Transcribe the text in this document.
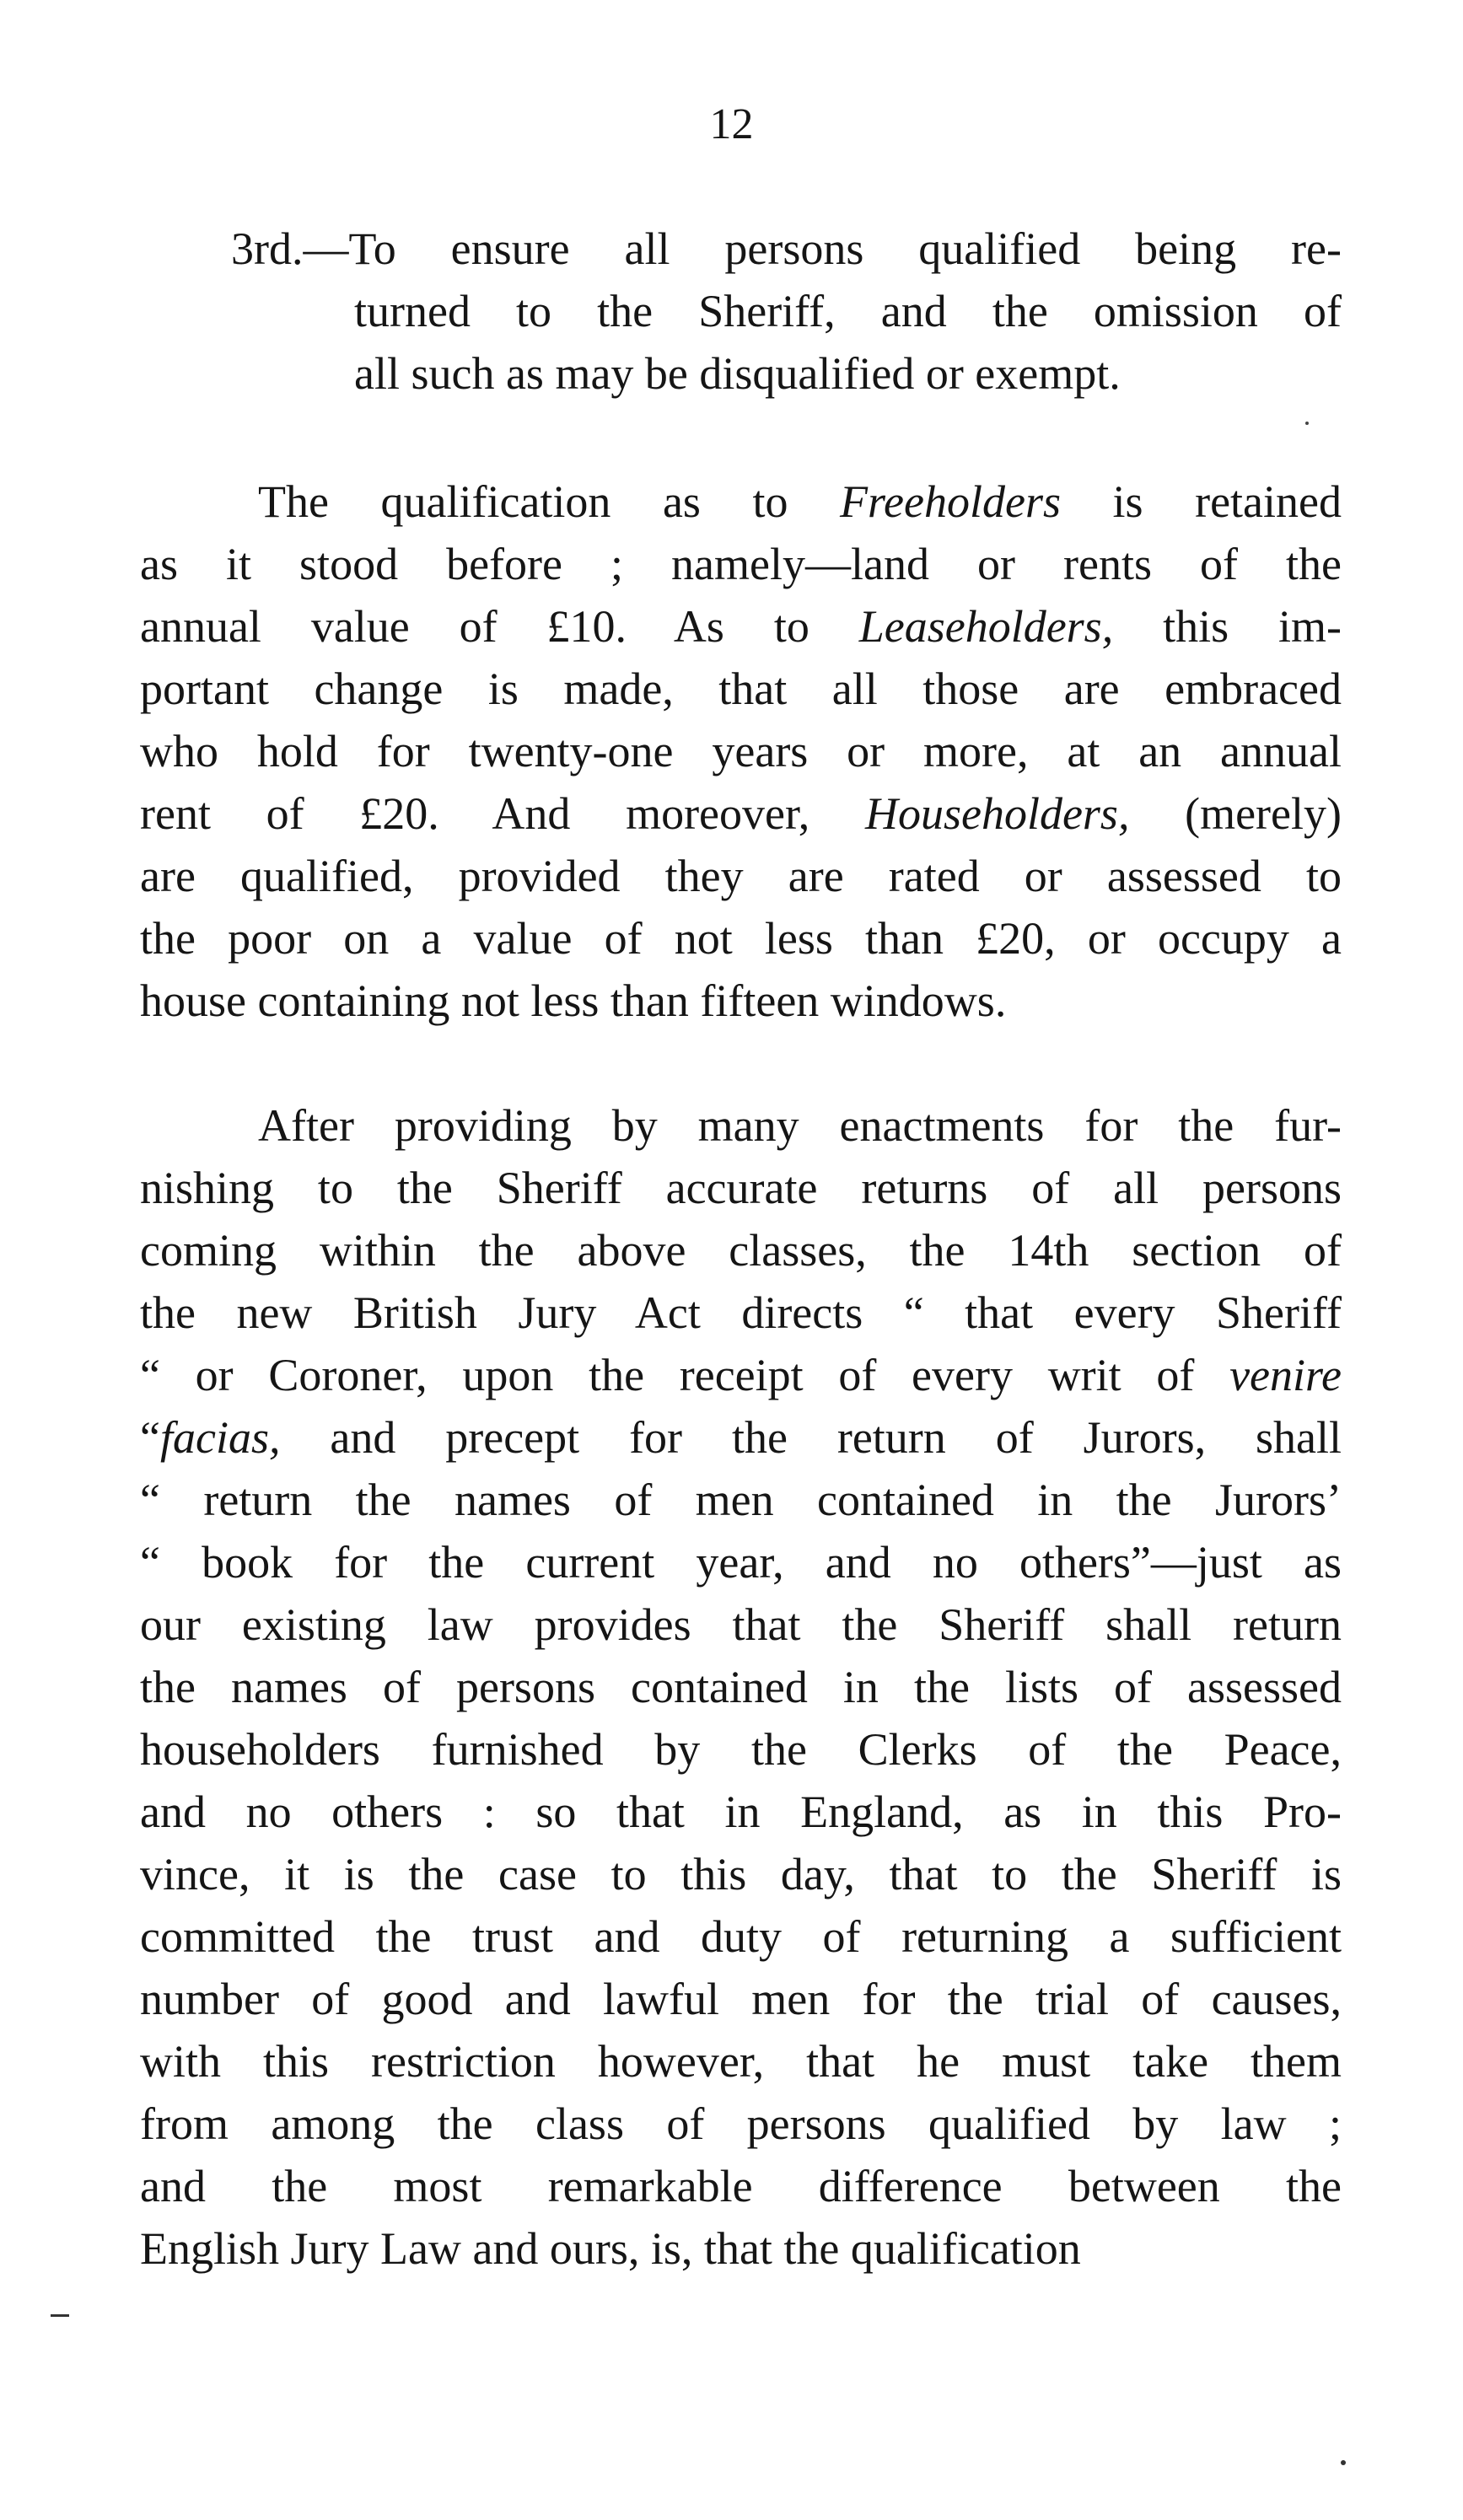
12
3rd.—To ensure all persons qualified being re-
turned to the Sheriff, and the omission of
all such as may be disqualified or exempt.
The qualification as to Freeholders is retained
as it stood before ; namely—land or rents of the
annual value of £10. As to Leaseholders, this im-
portant change is made, that all those are embraced
who hold for twenty-one years or more, at an annual
rent of £20. And moreover, Householders, (merely)
are qualified, provided they are rated or assessed to
the poor on a value of not less than £20, or occupy a
house containing not less than fifteen windows.
After providing by many enactments for the fur-
nishing to the Sheriff accurate returns of all persons
coming within the above classes, the 14th section of
the new British Jury Act directs “ that every Sheriff
“ or Coroner, upon the receipt of every writ of venire
“facias, and precept for the return of Jurors, shall
“ return the names of men contained in the Jurors’
“ book for the current year, and no others”—just as
our existing law provides that the Sheriff shall return
the names of persons contained in the lists of assessed
householders furnished by the Clerks of the Peace,
and no others : so that in England, as in this Pro-
vince, it is the case to this day, that to the Sheriff is
committed the trust and duty of returning a sufficient
number of good and lawful men for the trial of causes,
with this restriction however, that he must take them
from among the class of persons qualified by law ;
and the most remarkable difference between the
English Jury Law and ours, is, that the qualification
